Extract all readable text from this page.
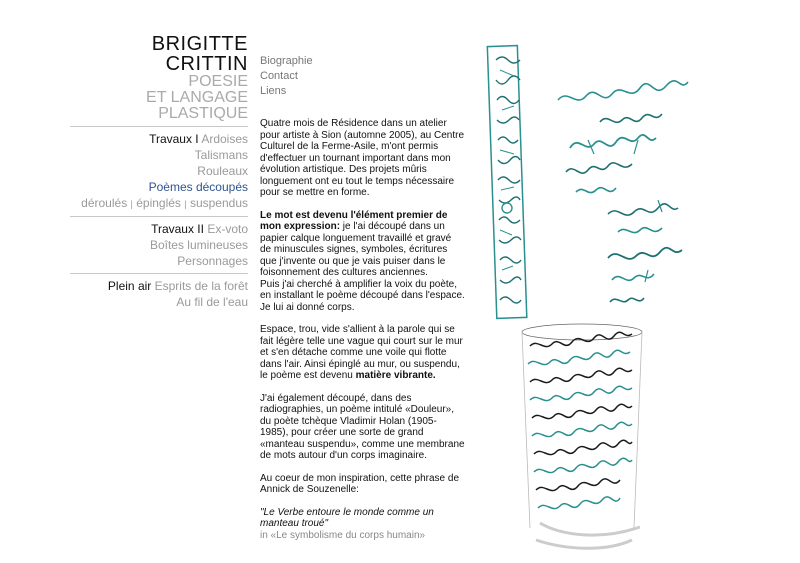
BRIGITTE CRITTIN
POESIE
ET LANGAGE
PLASTIQUE
Travaux I Ardoises
Talismans
Rouleaux
Poèmes découpés
déroulés | épinglés | suspendus
Travaux II Ex-voto
Boîtes lumineuses
Personnages
Plein air Esprits de la forêt
Au fil de l'eau
Biographie
Contact
Liens

Quatre mois de Résidence dans un atelier pour artiste à Sion (automne 2005), au Centre Culturel de la Ferme-Asile, m'ont permis d'effectuer un tournant important dans mon évolution artistique. Des projets mûris longuement ont eu tout le temps nécessaire pour se mettre en forme.

Le mot est devenu l'élément premier de mon expression: je l'ai découpé dans un papier calque longuement travaillé et gravé de minuscules signes, symboles, écritures que j'invente ou que je vais puiser dans le foisonnement des cultures anciennes.
Puis j'ai cherché à amplifier la voix du poète, en installant le poème découpé dans l'espace. Je lui ai donné corps.

Espace, trou, vide s'allient à la parole qui se fait légère telle une vague qui court sur le mur et s'en détache comme une voile qui flotte dans l'air. Ainsi épinglé au mur, ou suspendu, le poème est devenu matière vibrante.

J'ai également découpé, dans des radiographies, un poème intitulé «Douleur», du poète tchèque Vladimir Holan (1905-1985), pour créer une sorte de grand «manteau suspendu», comme une membrane de mots autour d'un corps imaginaire.

Au coeur de mon inspiration, cette phrase de Annick de Souzenelle:

"Le Verbe entoure le monde comme un manteau troué"
in «Le symbolisme du corps humain»
